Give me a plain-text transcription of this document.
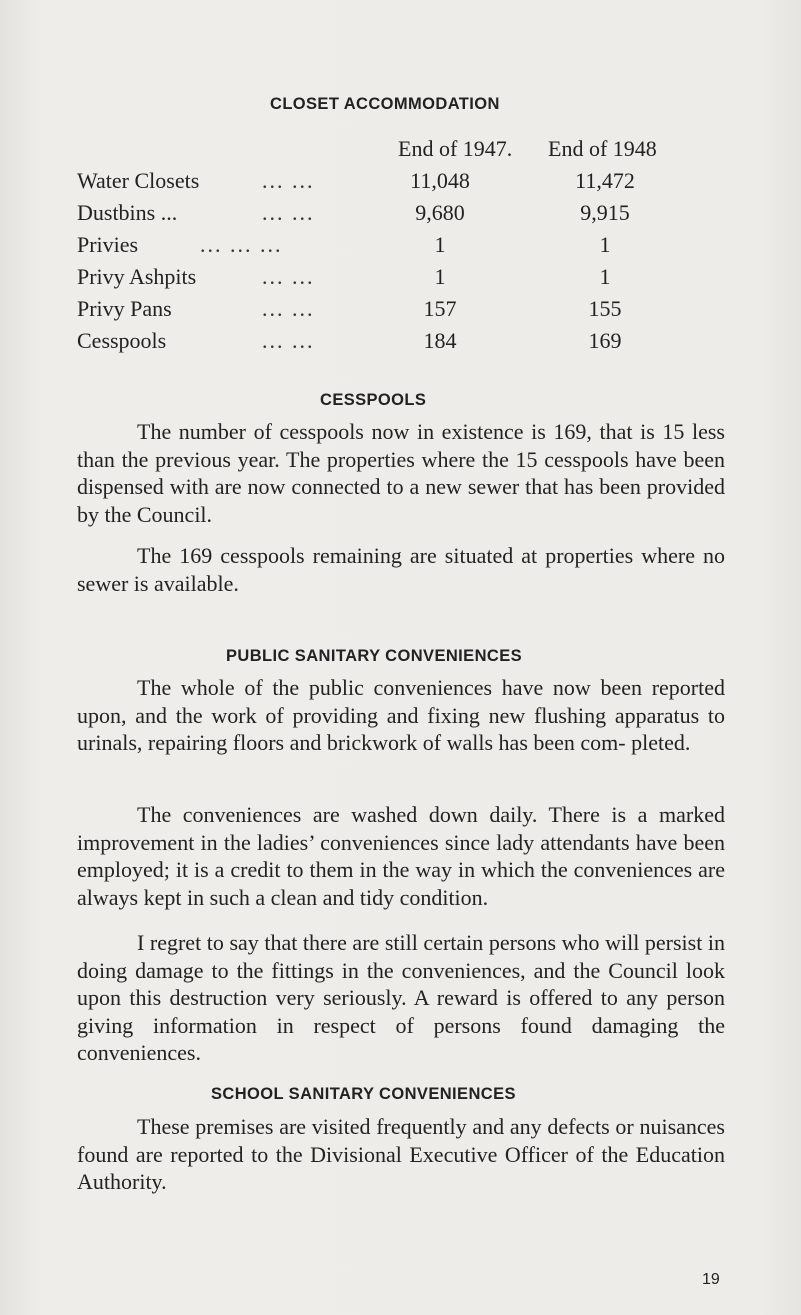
CLOSET ACCOMMODATION
End of 1947. End of 1948
Water Closets	... ...	11,048	11,472
Dustbins ...	... ...	9,680	9,915
Privies	... ... ...	1	1
Privy Ashpits	... ...	1	1
Privy Pans	... ...	157	155
Cesspools	... ...	184	169
CESSPOOLS

The number of cesspools now in existence is 169, that is 15 less than the previous year. The properties where the 15 cesspools have been dispensed with are now connected to a new sewer that has been provided by the Council.

The 169 cesspools remaining are situated at properties where no sewer is available.

PUBLIC SANITARY CONVENIENCES

The whole of the public conveniences have now been reported upon, and the work of providing and fixing new flushing apparatus to urinals, repairing floors and brickwork of walls has been com- pleted.

The conveniences are washed down daily. There is a marked improvement in the ladies’ conveniences since lady attendants have been employed; it is a credit to them in the way in which the conveniences are always kept in such a clean and tidy condition.

I regret to say that there are still certain persons who will persist in doing damage to the fittings in the conveniences, and the Council look upon this destruction very seriously. A reward is offered to any person giving information in respect of persons found damaging the conveniences.

SCHOOL SANITARY CONVENIENCES

These premises are visited frequently and any defects or nuisances found are reported to the Divisional Executive Officer of the Education Authority.

19
